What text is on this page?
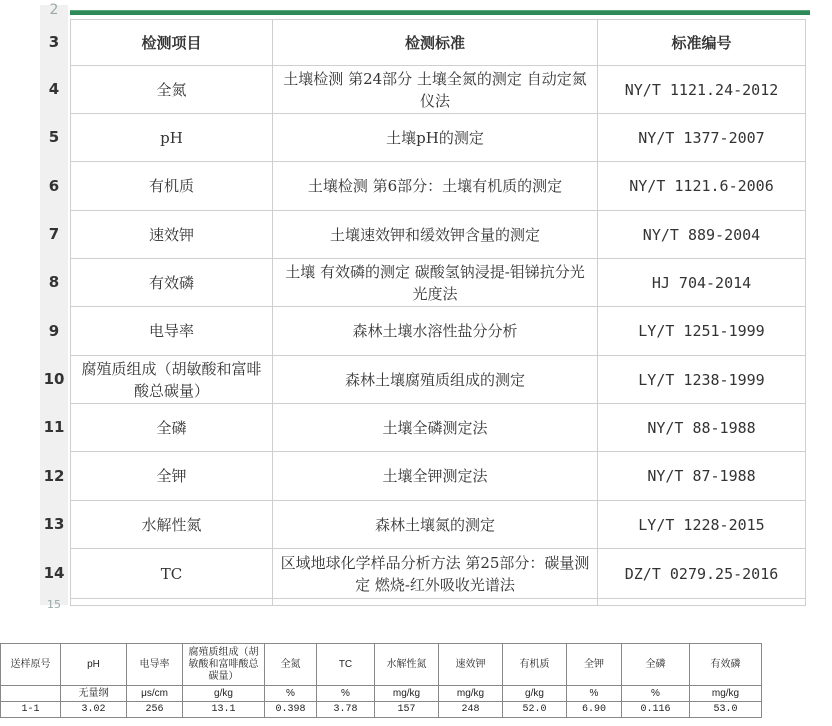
2
3
4
5
6
7
8
9
10
11
12
13
14
15
检测项目	检测标准	标准编号
全氮	土壤检测 第24部分 土壤全氮的测定 自动定氮仪法	NY/T 1121.24-2012
pH	土壤pH的测定	NY/T 1377-2007
有机质	土壤检测 第6部分：土壤有机质的测定	NY/T 1121.6-2006
速效钾	土壤速效钾和缓效钾含量的测定	NY/T 889-2004
有效磷	土壤 有效磷的测定 碳酸氢钠浸提-钼锑抗分光光度法	HJ 704-2014
电导率	森林土壤水溶性盐分分析	LY/T 1251-1999
腐殖质组成（胡敏酸和富啡酸总碳量）	森林土壤腐殖质组成的测定	LY/T 1238-1999
全磷	土壤全磷测定法	NY/T 88-1988
全钾	土壤全钾测定法	NY/T 87-1988
水解性氮	森林土壤氮的测定	LY/T 1228-2015
TC	区域地球化学样品分析方法 第25部分：碳量测定 燃烧-红外吸收光谱法	DZ/T 0279.25-2016

送样原号	pH	电导率	腐殖质组成（胡敏酸和富啡酸总碳量）	全氮	TC	水解性氮	速效钾	有机质	全钾	全磷	有效磷
	无量纲	μs/cm	g/kg	%	%	mg/kg	mg/kg	g/kg	%	%	mg/kg
1-1	3.02	256	13.1	0.398	3.78	157	248	52.0	6.90	0.116	53.0
